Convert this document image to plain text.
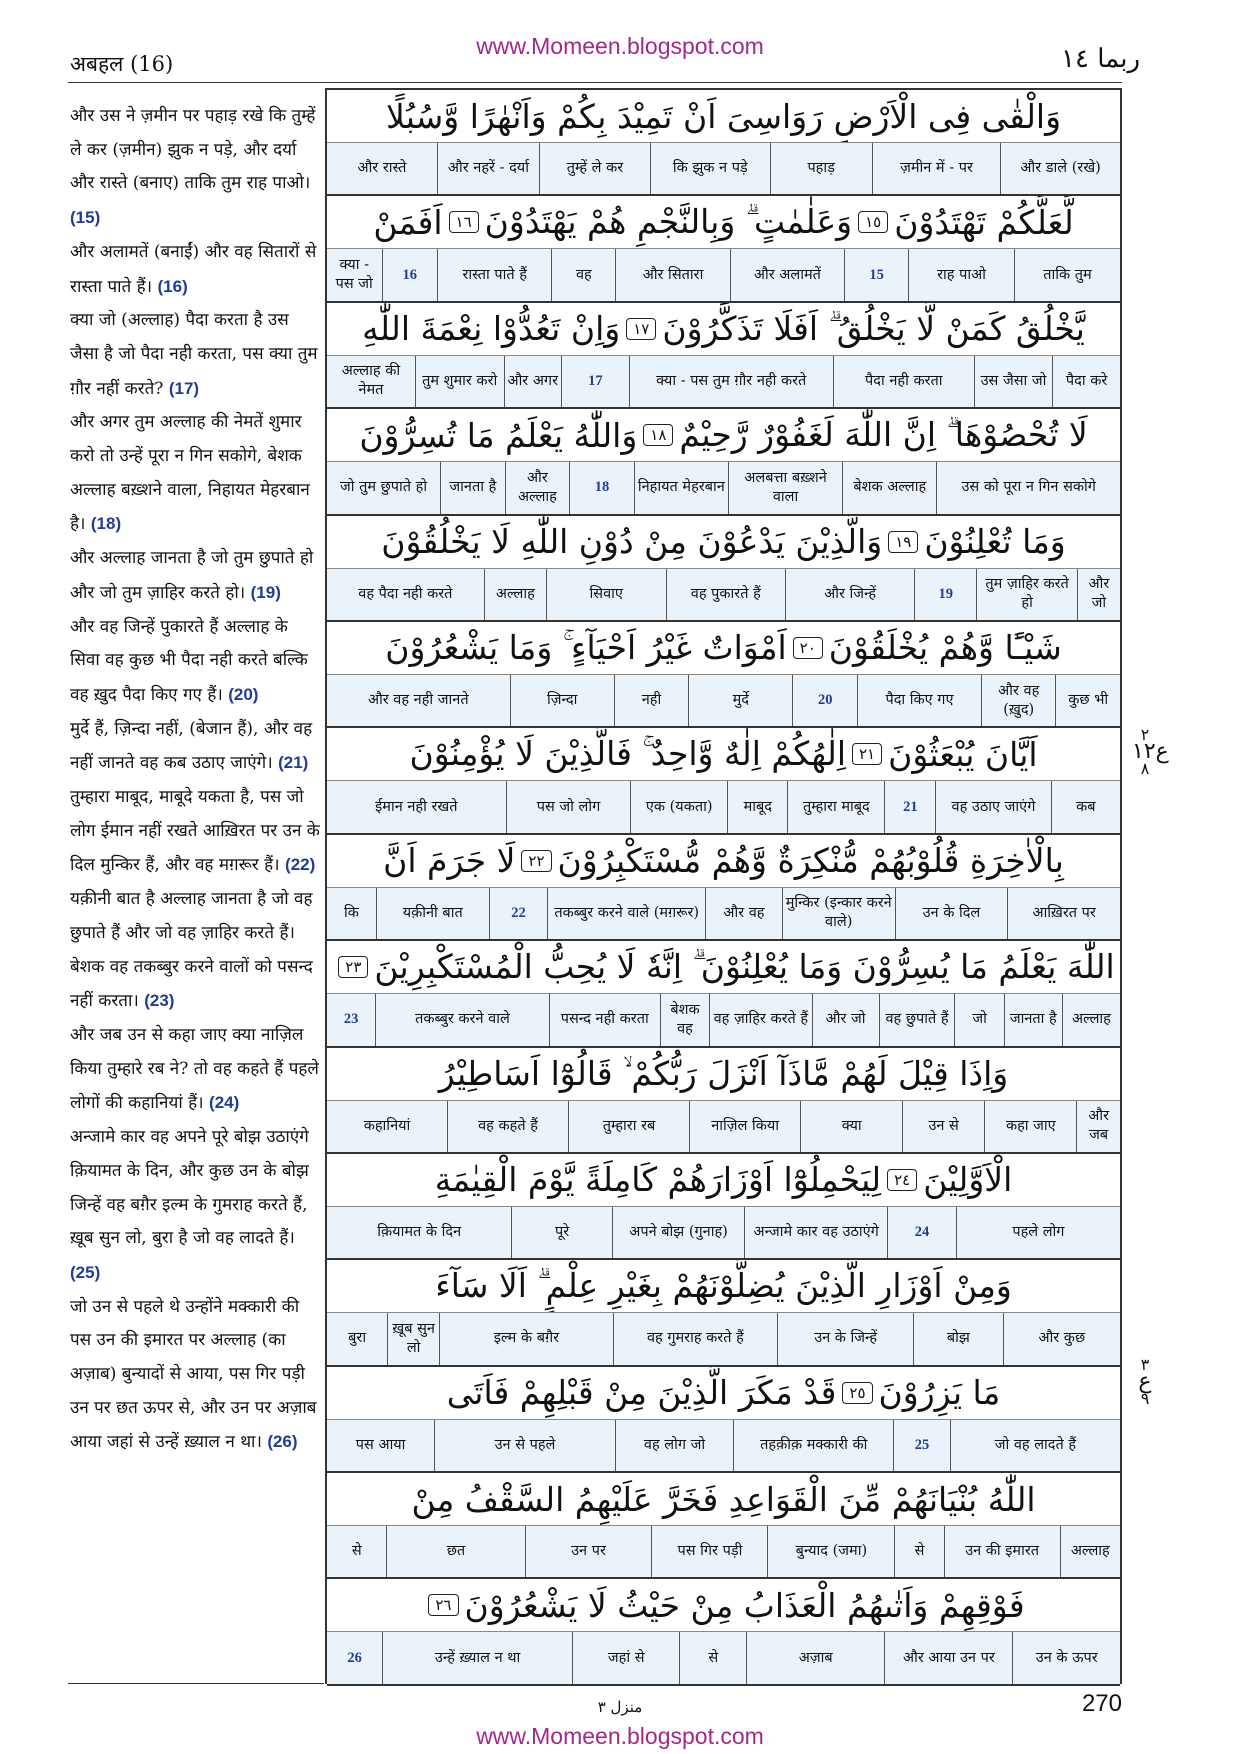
अबहल (16)
www.Momeen.blogspot.com	ربما ١٤

और उस ने ज़मीन पर पहाड़ रखे कि तुम्हें ले कर (ज़मीन) झुक न पड़े, और दर्या और रास्ते (बनाए) ताकि तुम राह पाओ। (15)

और अलामतें (बनाईं) और वह सितारों से रास्ता पाते हैं। (16)

क्या जो (अल्लाह) पैदा करता है उस जैसा है जो पैदा नही करता, पस क्या तुम ग़ौर नहीं करते? (17)

और अगर तुम अल्लाह की नेमतें शुमार करो तो उन्हें पूरा न गिन सकोगे, बेशक अल्लाह बख़्शने वाला, निहायत मेहरबान है। (18)

और अल्लाह जानता है जो तुम छुपाते हो और जो तुम ज़ाहिर करते हो। (19)

और वह जिन्हें पुकारते हैं अल्लाह के सिवा वह कुछ भी पैदा नही करते बल्कि वह ख़ुद पैदा किए गए हैं। (20)

मुर्दे हैं, ज़िन्दा नहीं, (बेजान हैं), और वह नहीं जानते वह कब उठाए जाएंगे। (21)

तुम्हारा माबूद, माबूदे यकता है, पस जो लोग ईमान नहीं रखते आख़िरत पर उन के दिल मुन्किर हैं, और वह मग़रूर हैं। (22)

यक़ीनी बात है अल्लाह जानता है जो वह छुपाते हैं और जो वह ज़ाहिर करते हैं। बेशक वह तकब्बुर करने वालों को पसन्द नहीं करता। (23)

और जब उन से कहा जाए क्या नाज़िल किया तुम्हारे रब ने? तो वह कहते हैं पहले लोगों की कहानियां हैं। (24)

अन्जामे कार वह अपने पूरे बोझ उठाएंगे क़ियामत के दिन, और कुछ उन के बोझ जिन्हें वह बग़ैर इल्म के गुमराह करते हैं, ख़ूब सुन लो, बुरा है जो वह लादते हैं। (25)

जो उन से पहले थे उन्होंने मक्कारी की पस उन की इमारत पर अल्लाह (का अज़ाब) बुन्यादों से आया, पस गिर पड़ी उन पर छत ऊपर से, और उन पर अज़ाब आया जहां से उन्हें ख़्याल न था। (26)

وَالْقٰى فِى الْاَرْضِ رَوَاسِىَ اَنْ تَمِيْدَ بِكُمْ وَاَنْهٰرًا وَّسُبُلًا
और डाले (रखे)
ज़मीन में - पर
पहाड़
कि झुक न पड़े
तुम्हें ले कर
और नहरें - दर्या
और रास्ते
لَّعَلَّكُمْ تَهْتَدُوْنَ
١٥
وَعَلٰمٰتٍ ۗ وَبِالنَّجْمِ هُمْ يَهْتَدُوْنَ
١٦
اَفَمَنْ
ताकि तुम
राह पाओ
15
और अलामतें
और सितारा
वह
रास्ता पाते हैं
16
क्या - पस जो
يَّخْلُقُ كَمَنْ لَّا يَخْلُقُ ۗ اَفَلَا تَذَكَّرُوْنَ
١٧
وَاِنْ تَعُدُّوْا نِعْمَةَ اللّٰهِ
पैदा करे
उस जैसा जो
पैदा नही करता
क्या - पस तुम ग़ौर नही करते
17
और अगर
तुम शुमार करो
अल्लाह की नेमत
لَا تُحْصُوْهَا ۗ اِنَّ اللّٰهَ لَغَفُوْرٌ رَّحِيْمٌ
١٨
وَاللّٰهُ يَعْلَمُ مَا تُسِرُّوْنَ
उस को पूरा न गिन सकोगे
बेशक अल्लाह
अलबत्ता बख़्शने वाला
निहायत मेहरबान
18
और अल्लाह
जानता है
जो तुम छुपाते हो
وَمَا تُعْلِنُوْنَ
١٩
وَالَّذِيْنَ يَدْعُوْنَ مِنْ دُوْنِ اللّٰهِ لَا يَخْلُقُوْنَ
और जो
तुम ज़ाहिर करते हो
19
और जिन्हें
वह पुकारते हैं
सिवाए
अल्लाह
वह पैदा नही करते
شَيْـًٔا وَّهُمْ يُخْلَقُوْنَ
٢٠
اَمْوَاتٌ غَيْرُ اَحْيَآءٍ ۚ وَمَا يَشْعُرُوْنَ
कुछ भी
और वह (ख़ुद)
पैदा किए गए
20
मुर्दे
नही
ज़िन्दा
और वह नही जानते
اَيَّانَ يُبْعَثُوْنَ
٢١
اِلٰهُكُمْ اِلٰهٌ وَّاحِدٌ ۚ فَالَّذِيْنَ لَا يُؤْمِنُوْنَ
कब
वह उठाए जाएंगे
21
तुम्हारा माबूद
माबूद
एक (यकता)
पस जो लोग
ईमान नही रखते
بِالْاٰخِرَةِ قُلُوْبُهُمْ مُّنْكِرَةٌ وَّهُمْ مُّسْتَكْبِرُوْنَ
٢٢
لَا جَرَمَ اَنَّ
आख़िरत पर
उन के दिल
मुन्किर (इन्कार करने वाले)
और वह
तकब्बुर करने वाले (मग़रूर)
22
यक़ीनी बात
कि
اللّٰهَ يَعْلَمُ مَا يُسِرُّوْنَ وَمَا يُعْلِنُوْنَ ۗ اِنَّهٗ لَا يُحِبُّ الْمُسْتَكْبِرِيْنَ
٢٣
अल्लाह
जानता है
जो
वह छुपाते हैं
और जो
वह ज़ाहिर करते हैं
बेशक वह
पसन्द नही करता
तकब्बुर करने वाले
23
وَاِذَا قِيْلَ لَهُمْ مَّاذَآ اَنْزَلَ رَبُّكُمْ ۙ قَالُوْٓا اَسَاطِيْرُ
और जब
कहा जाए
उन से
क्या
नाज़िल किया
तुम्हारा रब
वह कहते हैं
कहानियां
الْاَوَّلِيْنَ
٢٤
لِيَحْمِلُوْٓا اَوْزَارَهُمْ كَامِلَةً يَّوْمَ الْقِيٰمَةِ
पहले लोग
24
अन्जामे कार वह उठाएंगे
अपने बोझ (गुनाह)
पूरे
क़ियामत के दिन
وَمِنْ اَوْزَارِ الَّذِيْنَ يُضِلُّوْنَهُمْ بِغَيْرِ عِلْمٍ ۗ اَلَا سَآءَ
और कुछ
बोझ
उन के जिन्हें
वह गुमराह करते हैं
इल्म के बग़ैर
ख़ूब सुन लो
बुरा
مَا يَزِرُوْنَ
٢٥
قَدْ مَكَرَ الَّذِيْنَ مِنْ قَبْلِهِمْ فَاَتَى
जो वह लादते हैं
25
तहक़ीक़ मक्कारी की
वह लोग जो
उन से पहले
पस आया
اللّٰهُ بُنْيَانَهُمْ مِّنَ الْقَوَاعِدِ فَخَرَّ عَلَيْهِمُ السَّقْفُ مِنْ
अल्लाह
उन की इमारत
से
बुन्याद (जमा)
पस गिर पड़ी
उन पर
छत
से
فَوْقِهِمْ وَاَتٰىهُمُ الْعَذَابُ مِنْ حَيْثُ لَا يَشْعُرُوْنَ
٢٦
उन के ऊपर
और आया उन पर
अज़ाब
से
जहां से
उन्हें ख़्याल न था
26
٢
ع١٢
٨
٣
ع
٩
منزل ٣	270
www.Momeen.blogspot.com
